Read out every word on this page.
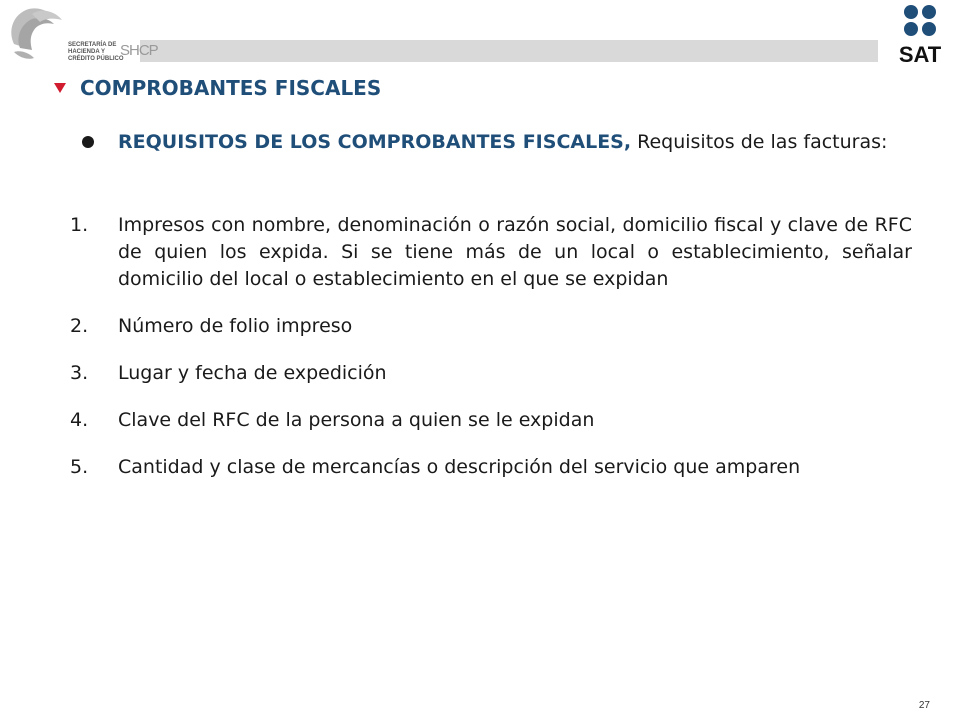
SECRETARÍA DE
HACIENDA Y
CRÉDITO PÚBLICO
SHCP	SAT
COMPROBANTES FISCALES
REQUISITOS DE LOS COMPROBANTES FISCALES, Requisitos de las facturas:
1.	Impresos con nombre, denominación o razón social, domicilio fiscal y clave de RFC de quien los expida. Si se tiene más de un local o establecimiento, señalar domicilio del local o establecimiento en el que se expidan
2.	Número de folio impreso
3.	Lugar y fecha de expedición
4.	Clave del RFC de la persona a quien se le expidan
5.	Cantidad y clase de mercancías o descripción del servicio que amparen
27
